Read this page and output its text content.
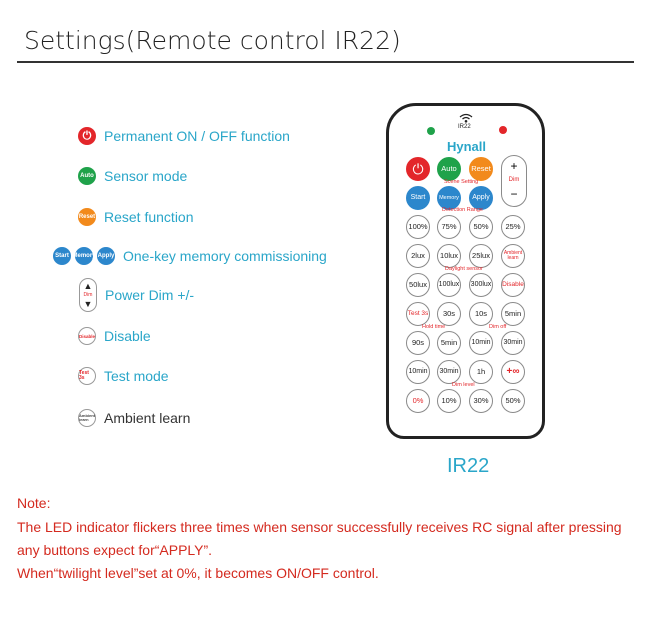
Settings(Remote control IR22)
⏻ Permanent ON / OFF function
Auto Sensor mode
Reset Reset function
Start Memory Apply One-key memory commissioning
▲
Dim
▼
Power Dim +/-
Disable Disable
Test 3s	Test mode
Ambient learn	Ambient learn
IR22
Hynall
⏻	Auto	Reset	+
Dim
−
Scene Setting
Start	Memory	Apply
Detection Range
100%	75%	50%	25%
2lux	10lux	25lux	Ambient learn
Daylight sensor
50lux	100lux 300lux Disable
Test 3s	30s	10s	5min
Hold time	Dim off
90s	5min	10min	30min
10min	30min	1h	+∞
Dim level
0%	10%	30%	50%
IR22
Note:
The LED indicator flickers three times when sensor successfully receives RC signal after pressing
any buttons expect for“APPLY”.
When“twilight level”set at 0%, it becomes ON/OFF control.
